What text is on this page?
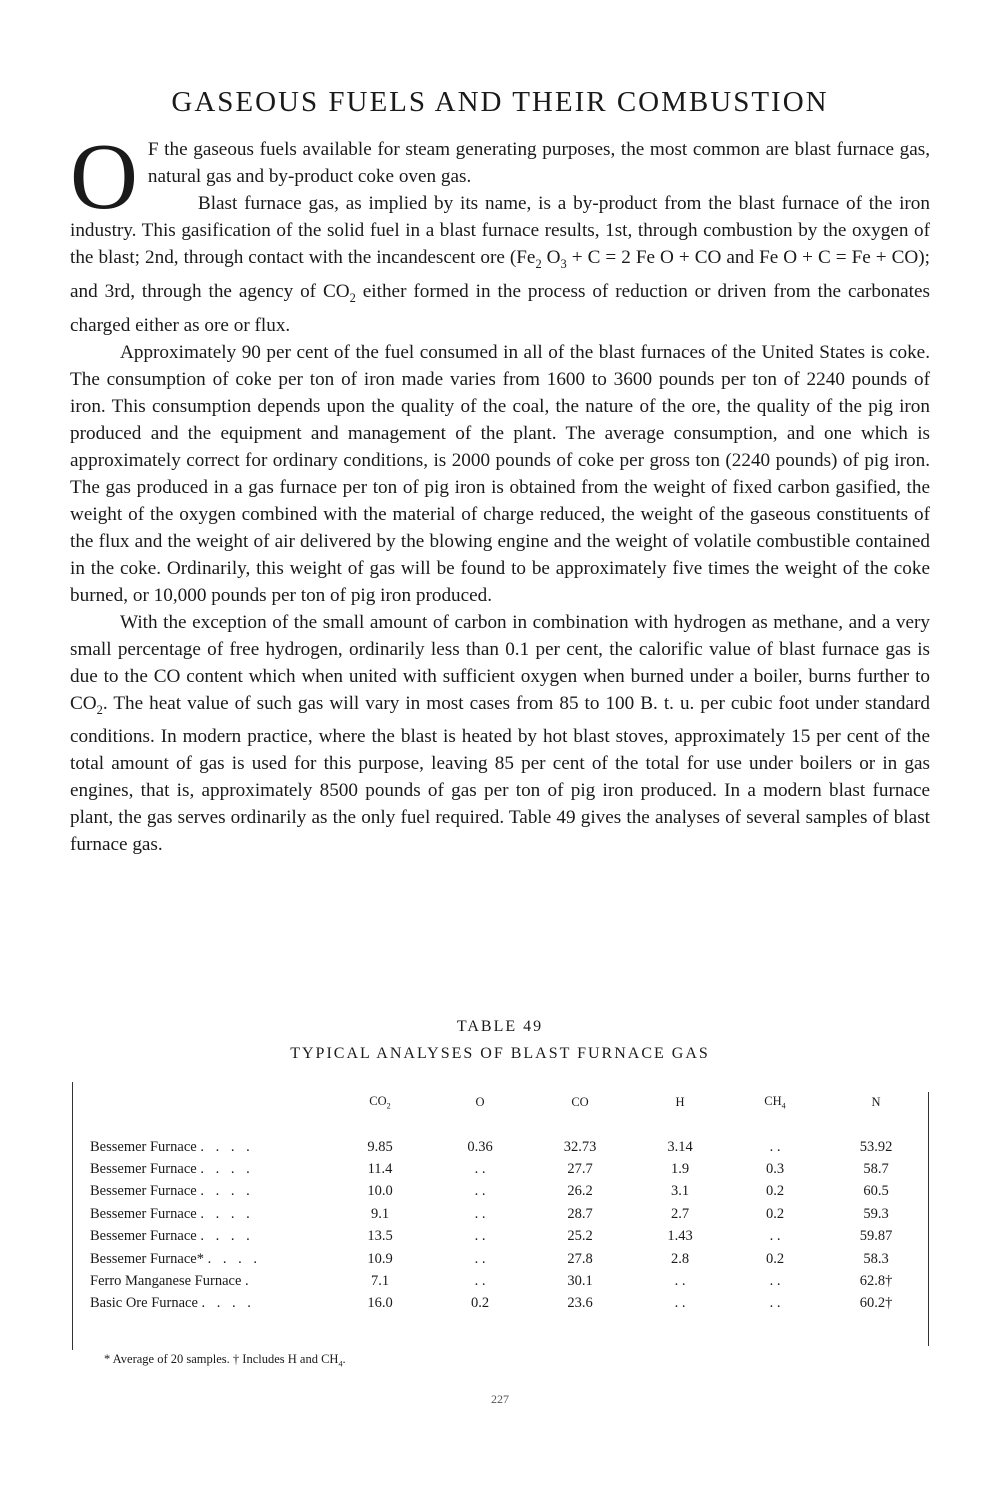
GASEOUS FUELS AND THEIR COMBUSTION

O F the gaseous fuels available for steam generating purposes, the most common are blast furnace gas, natural gas and by-product coke oven gas.

Blast furnace gas, as implied by its name, is a by-product from the blast furnace of the iron industry. This gasification of the solid fuel in a blast furnace results, 1st, through combustion by the oxygen of the blast; 2nd, through contact with the incandescent ore ($Fe_2$ $O_3 + C = 2$ Fe O + CO and Fe O + C = Fe + CO); and 3rd, through the agency of $CO_2$ either formed in the process of reduction or driven from the carbonates charged either as ore or flux.

Approximately 90 per cent of the fuel consumed in all of the blast furnaces of the United States is coke. The consumption of coke per ton of iron made varies from 1600 to 3600 pounds per ton of 2240 pounds of iron. This consumption depends upon the quality of the coal, the nature of the ore, the quality of the pig iron produced and the equipment and management of the plant. The average consumption, and one which is approximately correct for ordinary conditions, is 2000 pounds of coke per gross ton (2240 pounds) of pig iron. The gas produced in a gas furnace per ton of pig iron is obtained from the weight of fixed carbon gasified, the weight of the oxygen combined with the material of charge reduced, the weight of the gaseous constituents of the flux and the weight of air delivered by the blowing engine and the weight of volatile combustible contained in the coke. Ordinarily, this weight of gas will be found to be approximately five times the weight of the coke burned, or 10,000 pounds per ton of pig iron produced.

With the exception of the small amount of carbon in combination with hydrogen as methane, and a very small percentage of free hydrogen, ordinarily less than 0.1 per cent, the calorific value of blast furnace gas is due to the CO content which when united with sufficient oxygen when burned under a boiler, burns further to $CO_2$. The heat value of such gas will vary in most cases from 85 to 100 B. t. u. per cubic foot under standard conditions. In modern practice, where the blast is heated by hot blast stoves, approximately 15 per cent of the total amount of gas is used for this purpose, leaving 85 per cent of the total for use under boilers or in gas engines, that is, approximately 8500 pounds of gas per ton of pig iron produced. In a modern blast furnace plant, the gas serves ordinarily as the only fuel required. Table 49 gives the analyses of several samples of blast furnace gas.

TABLE 49
TYPICAL ANALYSES OF BLAST FURNACE GAS
	$CO_2$	O	CO	H	$CH_4$	N
Bessemer Furnace . . . .	9.85	0.36	32.73	3.14	. .	53.92
Bessemer Furnace . . . .	11.4	. .	27.7	1.9	0.3	58.7
Bessemer Furnace . . . .	10.0	. .	26.2	3.1	0.2	60.5
Bessemer Furnace . . . .	9.1	. .	28.7	2.7	0.2	59.3
Bessemer Furnace . . . .	13.5	. .	25.2	1.43	. .	59.87
Bessemer Furnace* . . . .	10.9	. .	27.8	2.8	0.2	58.3
Ferro Manganese Furnace .	7.1	. .	30.1	. .	. .	62.8†
Basic Ore Furnace . . . .	16.0	0.2	23.6	. .	. .	60.2†
* Average of 20 samples. † Includes H and $CH_4$.
227
